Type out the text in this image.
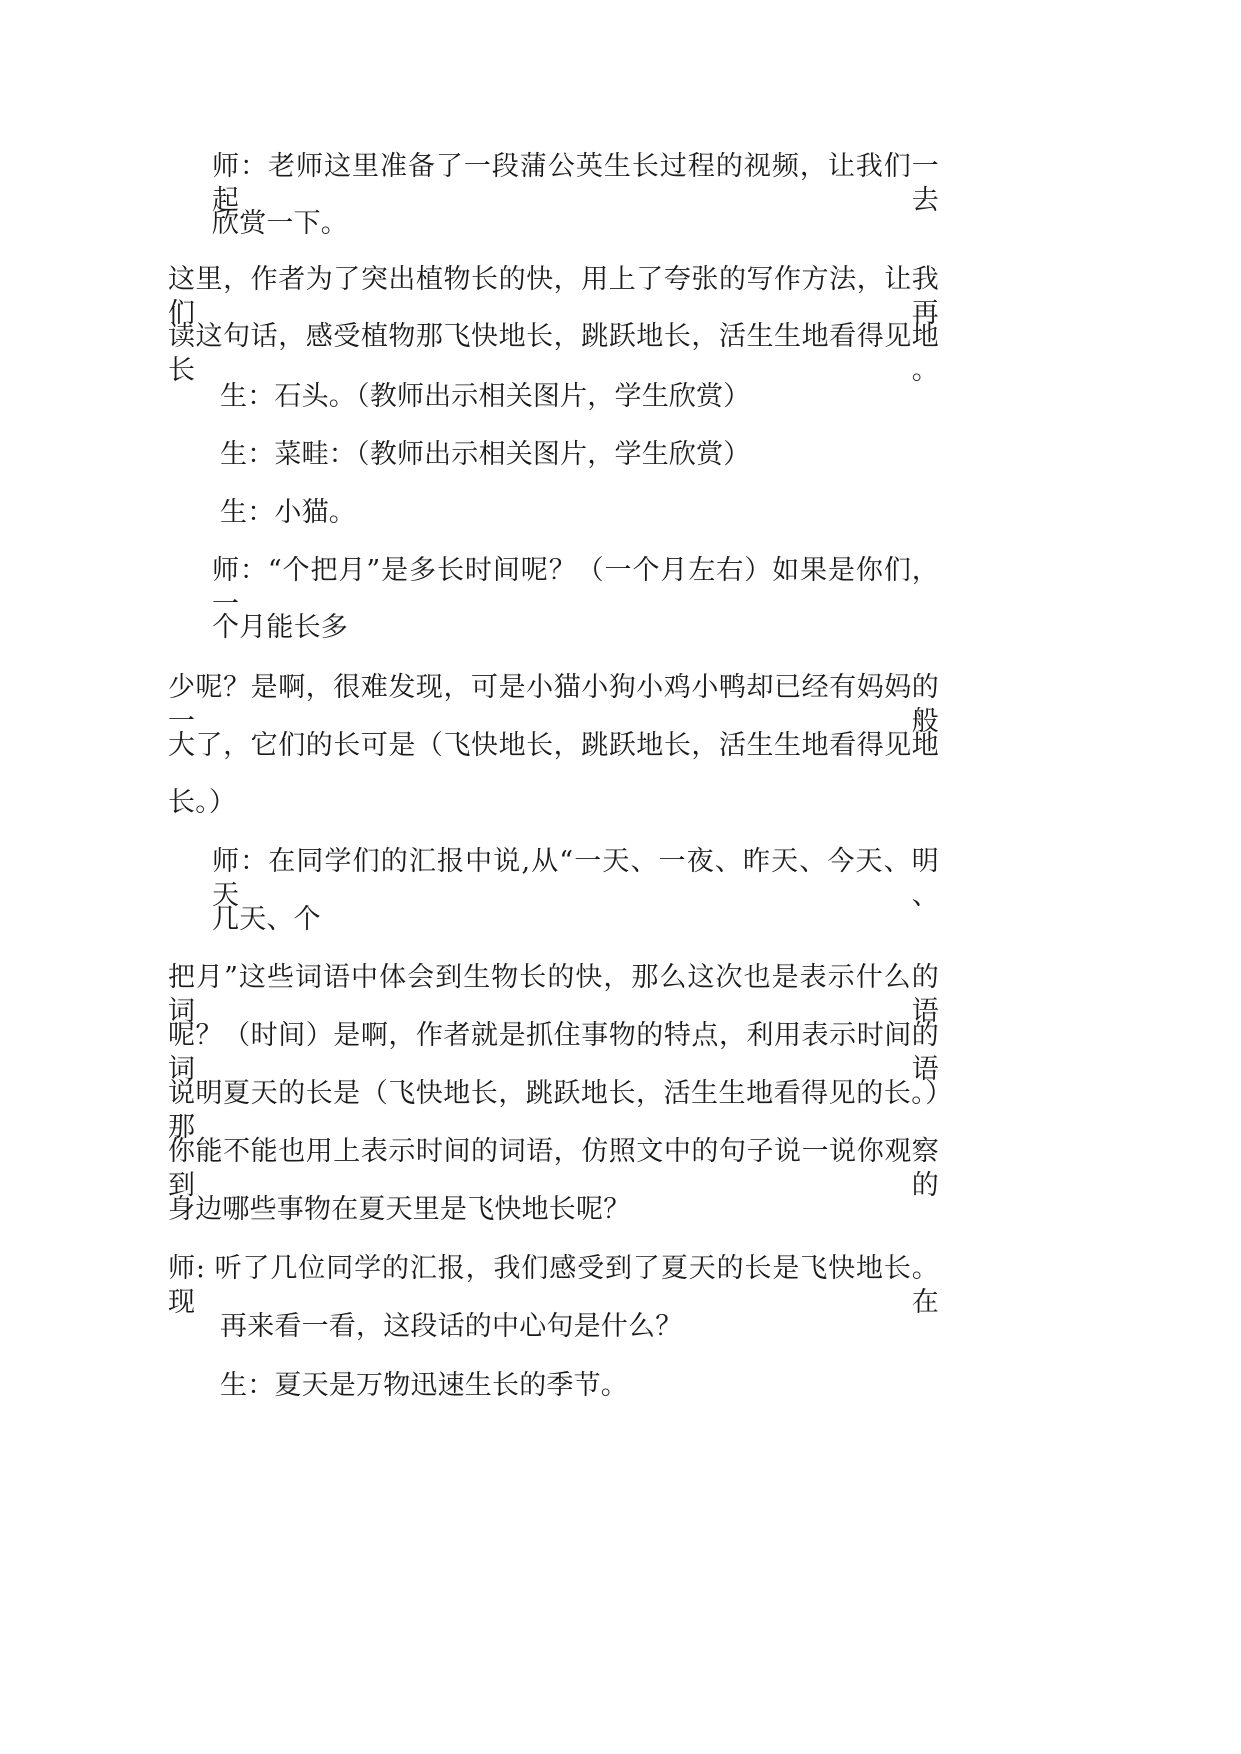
师：老师这里准备了一段蒲公英生长过程的视频，让我们一起去
欣赏一下。
这里，作者为了突出植物长的快，用上了夸张的写作方法，让我们再
读这句话，感受植物那飞快地长，跳跃地长，活生生地看得见地长。
生：石头。（教师出示相关图片，学生欣赏）
生：菜畦：（教师出示相关图片，学生欣赏）
生：小猫。
师：“个把月”是多长时间呢？（一个月左右）如果是你们，一
个月能长多
少呢？是啊，很难发现，可是小猫小狗小鸡小鸭却已经有妈妈的一般
大了，它们的长可是（飞快地长，跳跃地长，活生生地看得见地
长。）
师：在同学们的汇报中说,从“一天、一夜、昨天、今天、明天、
几天、个
把月”这些词语中体会到生物长的快，那么这次也是表示什么的词语
呢？（时间）是啊，作者就是抓住事物的特点，利用表示时间的词语
说明夏天的长是（飞快地长，跳跃地长，活生生地看得见的长。）那
你能不能也用上表示时间的词语，仿照文中的句子说一说你观察到的
身边哪些事物在夏天里是飞快地长呢？
师: 听了几位同学的汇报，我们感受到了夏天的长是飞快地长。现在
再来看一看，这段话的中心句是什么？
生：夏天是万物迅速生长的季节。
